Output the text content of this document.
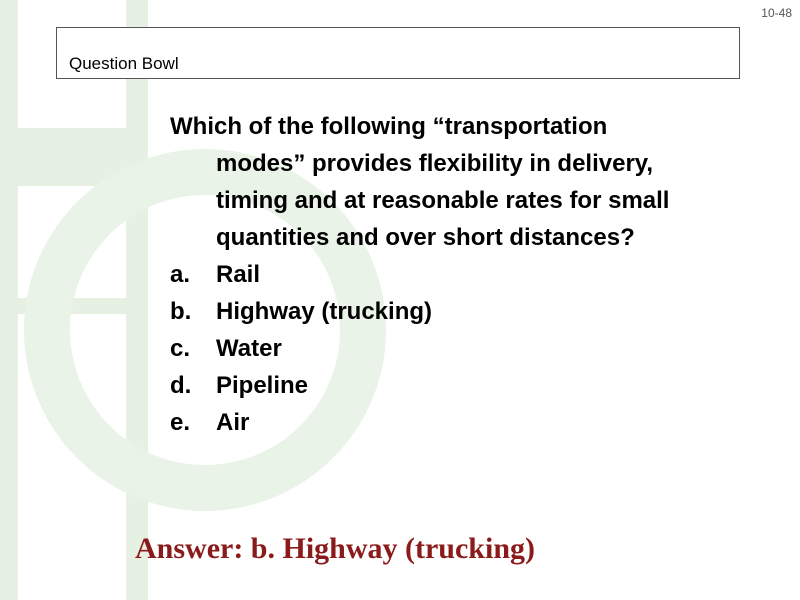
10-48
Question Bowl

Which of the following “transportation modes” provides flexibility in delivery, timing and at reasonable rates for small quantities and over short distances?

a.	Rail
b.	Highway (trucking)
c.	Water
d.	Pipeline
e.	Air
Answer: b. Highway (trucking)
